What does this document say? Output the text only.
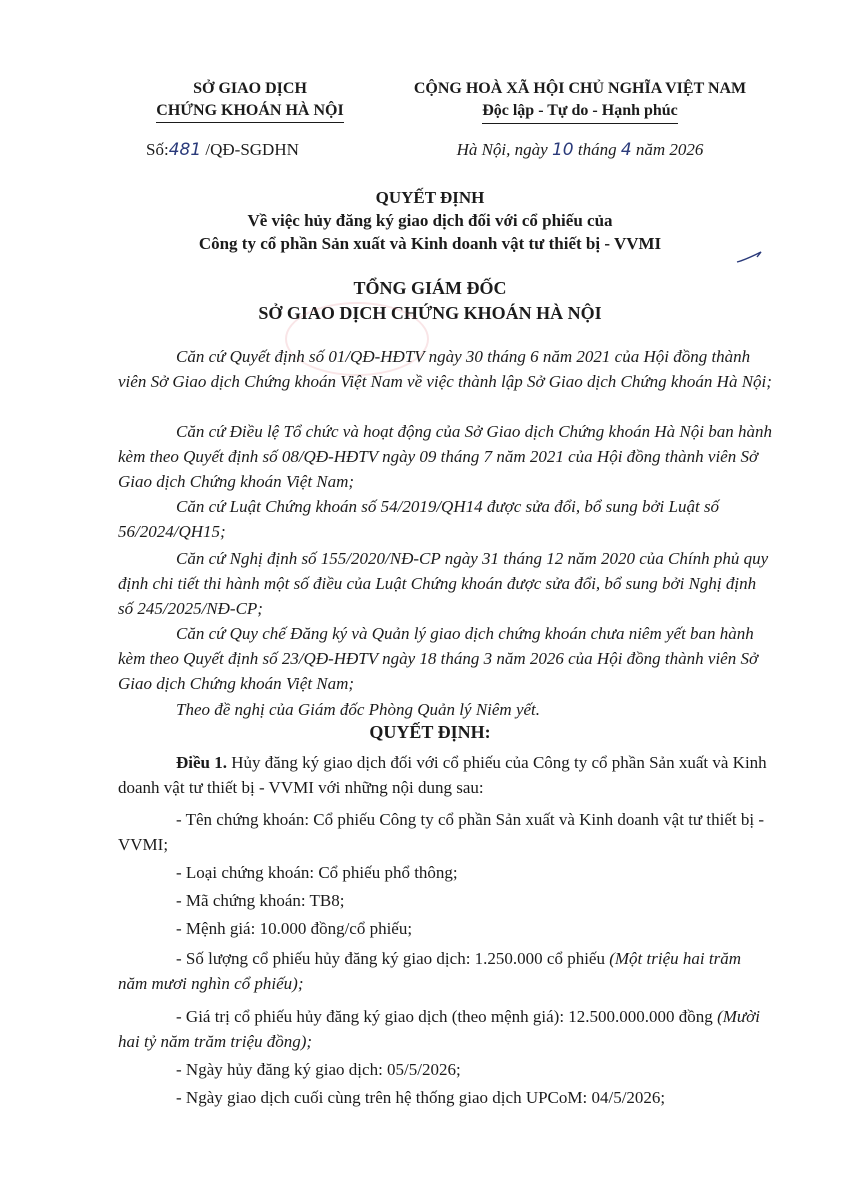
SỞ GIAO DỊCH
CHỨNG KHOÁN HÀ NỘI
CỘNG HOÀ XÃ HỘI CHỦ NGHĨA VIỆT NAM
Độc lập - Tự do - Hạnh phúc
Số:481 /QĐ-SGDHN	Hà Nội, ngày 10 tháng 4 năm 2026
QUYẾT ĐỊNH
Về việc hủy đăng ký giao dịch đối với cổ phiếu của
Công ty cổ phần Sản xuất và Kinh doanh vật tư thiết bị - VVMI
TỔNG GIÁM ĐỐC
SỞ GIAO DỊCH CHỨNG KHOÁN HÀ NỘI

Căn cứ Quyết định số 01/QĐ-HĐTV ngày 30 tháng 6 năm 2021 của Hội đồng thành viên Sở Giao dịch Chứng khoán Việt Nam về việc thành lập Sở Giao dịch Chứng khoán Hà Nội;

Căn cứ Điều lệ Tổ chức và hoạt động của Sở Giao dịch Chứng khoán Hà Nội ban hành kèm theo Quyết định số 08/QĐ-HĐTV ngày 09 tháng 7 năm 2021 của Hội đồng thành viên Sở Giao dịch Chứng khoán Việt Nam;

Căn cứ Luật Chứng khoán số 54/2019/QH14 được sửa đổi, bổ sung bởi Luật số 56/2024/QH15;

Căn cứ Nghị định số 155/2020/NĐ-CP ngày 31 tháng 12 năm 2020 của Chính phủ quy định chi tiết thi hành một số điều của Luật Chứng khoán được sửa đổi, bổ sung bởi Nghị định số 245/2025/NĐ-CP;

Căn cứ Quy chế Đăng ký và Quản lý giao dịch chứng khoán chưa niêm yết ban hành kèm theo Quyết định số 23/QĐ-HĐTV ngày 18 tháng 3 năm 2026 của Hội đồng thành viên Sở Giao dịch Chứng khoán Việt Nam;

Theo đề nghị của Giám đốc Phòng Quản lý Niêm yết.

QUYẾT ĐỊNH:

Điều 1. Hủy đăng ký giao dịch đối với cổ phiếu của Công ty cổ phần Sản xuất và Kinh doanh vật tư thiết bị - VVMI với những nội dung sau:

- Tên chứng khoán: Cổ phiếu Công ty cổ phần Sản xuất và Kinh doanh vật tư thiết bị - VVMI;

- Loại chứng khoán: Cổ phiếu phổ thông;

- Mã chứng khoán: TB8;

- Mệnh giá: 10.000 đồng/cổ phiếu;

- Số lượng cổ phiếu hủy đăng ký giao dịch: 1.250.000 cổ phiếu (Một triệu hai trăm năm mươi nghìn cổ phiếu);

- Giá trị cổ phiếu hủy đăng ký giao dịch (theo mệnh giá): 12.500.000.000 đồng (Mười hai tỷ năm trăm triệu đồng);

- Ngày hủy đăng ký giao dịch: 05/5/2026;

- Ngày giao dịch cuối cùng trên hệ thống giao dịch UPCoM: 04/5/2026;
